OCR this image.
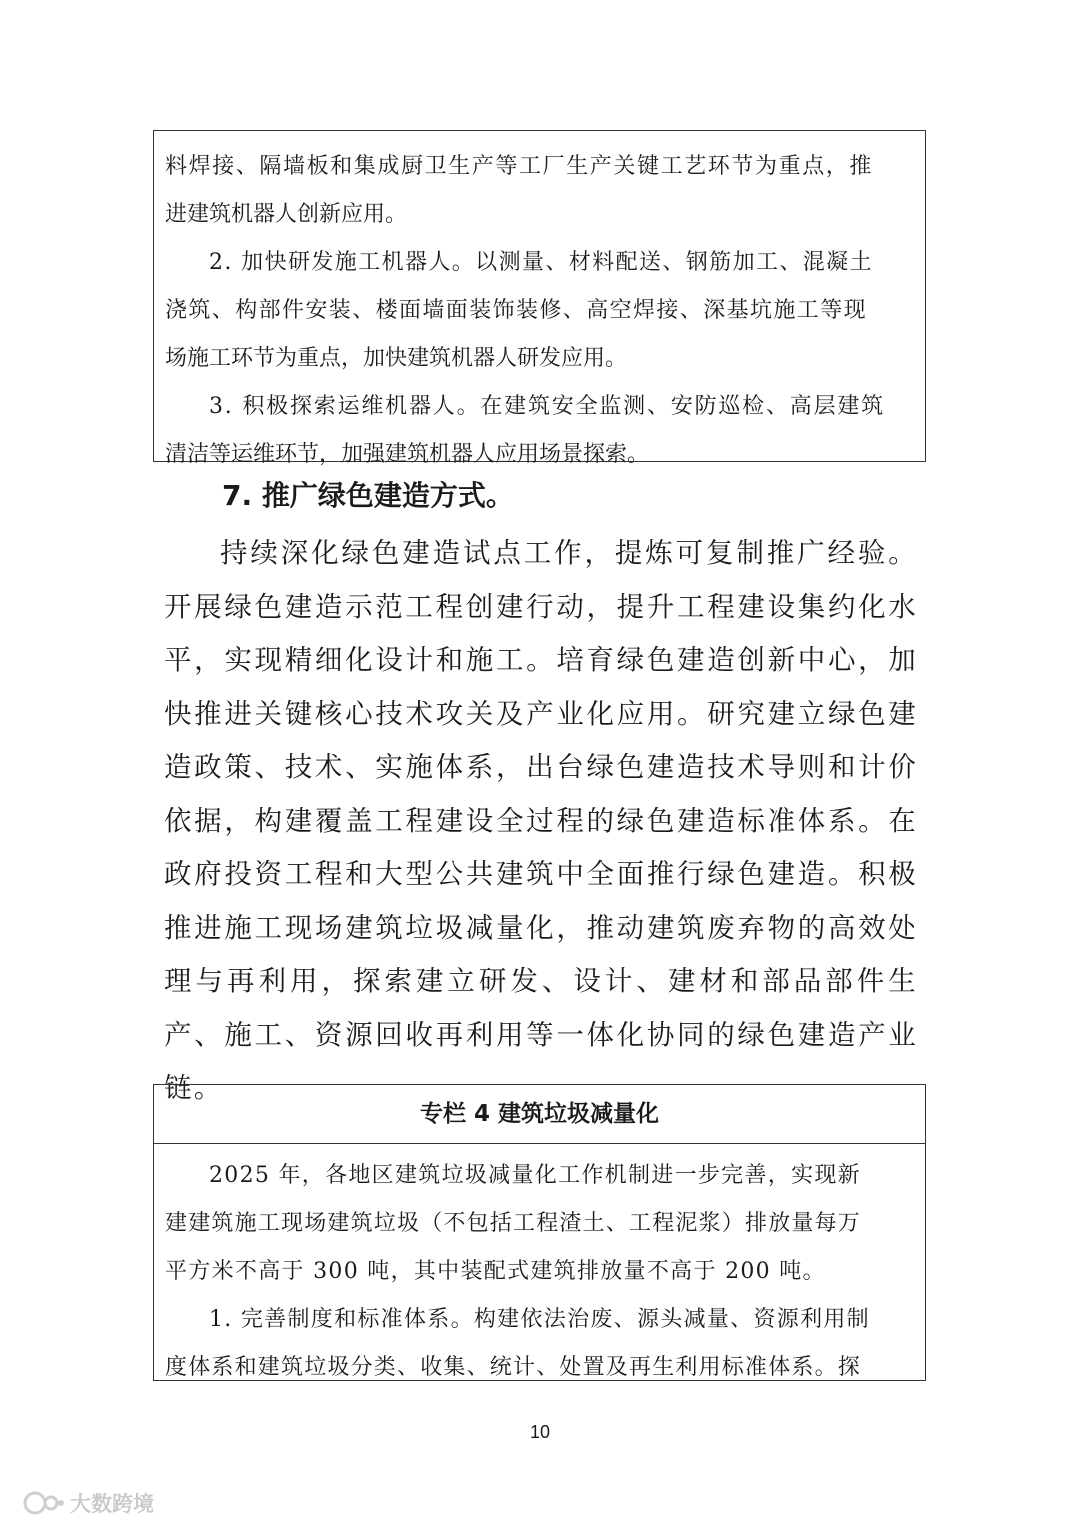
料焊接、隔墙板和集成厨卫生产等工厂生产关键工艺环节为重点，推

进建筑机器人创新应用。

2. 加快研发施工机器人。以测量、材料配送、钢筋加工、混凝土

浇筑、构部件安装、楼面墙面装饰装修、高空焊接、深基坑施工等现

场施工环节为重点，加快建筑机器人研发应用。

3. 积极探索运维机器人。在建筑安全监测、安防巡检、高层建筑

清洁等运维环节，加强建筑机器人应用场景探索。

7. 推广绿色建造方式。

持续深化绿色建造试点工作，提炼可复制推广经验。开展绿色建造示范工程创建行动，提升工程建设集约化水平，实现精细化设计和施工。培育绿色建造创新中心，加快推进关键核心技术攻关及产业化应用。研究建立绿色建造政策、技术、实施体系，出台绿色建造技术导则和计价依据，构建覆盖工程建设全过程的绿色建造标准体系。在政府投资工程和大型公共建筑中全面推行绿色建造。积极推进施工现场建筑垃圾减量化，推动建筑废弃物的高效处理与再利用，探索建立研发、设计、建材和部品部件生产、施工、资源回收再利用等一体化协同的绿色建造产业链。

专栏 4 建筑垃圾减量化

2025 年，各地区建筑垃圾减量化工作机制进一步完善，实现新

建建筑施工现场建筑垃圾（不包括工程渣土、工程泥浆）排放量每万

平方米不高于 300 吨，其中装配式建筑排放量不高于 200 吨。

1. 完善制度和标准体系。构建依法治废、源头减量、资源利用制

度体系和建筑垃圾分类、收集、统计、处置及再生利用标准体系。探

10
大数跨境
